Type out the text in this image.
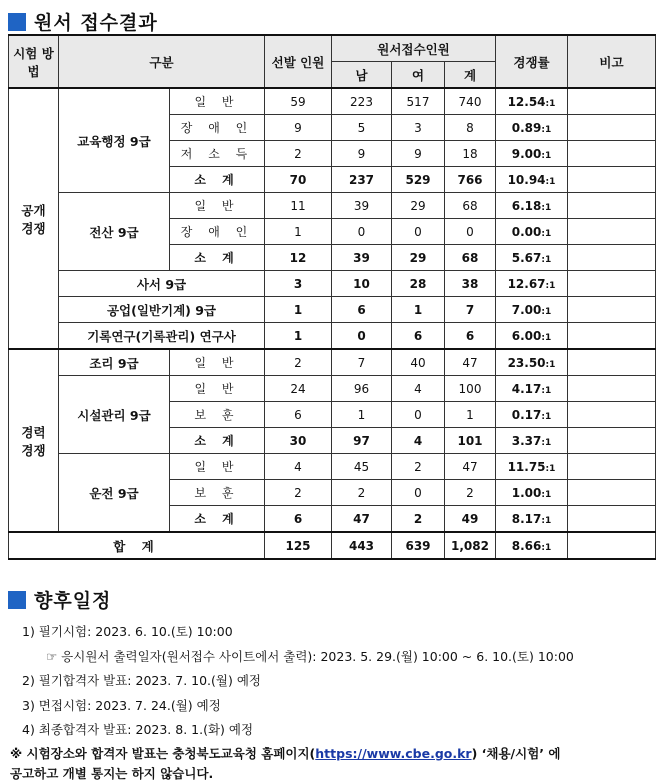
원서 접수결과
시험 방법	구분		선발 인원	원서접수인원			경쟁률	비고
				남	여	계		
공개 경쟁	교육행정 9급	일 반	59	223	517	740	12.54:1	
		장 애 인	9	5	3	8	0.89:1	
		저 소 득	2	9	9	18	9.00:1	
		소 계	70	237	529	766	10.94:1	
	전산 9급	일 반	11	39	29	68	6.18:1	
		장 애 인	1	0	0	0	0.00:1	
		소 계	12	39	29	68	5.67:1	
	사서 9급		3	10	28	38	12.67:1	
	공업(일반기계) 9급		1	6	1	7	7.00:1	
	기록연구(기록관리) 연구사		1	0	6	6	6.00:1	
경력 경쟁	조리 9급	일 반	2	7	40	47	23.50:1	
	시설관리 9급	일 반	24	96	4	100	4.17:1	
		보 훈	6	1	0	1	0.17:1	
		소 계	30	97	4	101	3.37:1	
	운전 9급	일 반	4	45	2	47	11.75:1	
		보 훈	2	2	0	2	1.00:1	
		소 계	6	47	2	49	8.17:1	
합 계			125	443	639	1,082	8.66:1	
향후일정
1) 필기시험: 2023. 6. 10.(토) 10:00
☞ 응시원서 출력일자(원서접수 사이트에서 출력): 2023. 5. 29.(월) 10:00 ~ 6. 10.(토) 10:00
2) 필기합격자 발표: 2023. 7. 10.(월) 예정
3) 면접시험: 2023. 7. 24.(월) 예정
4) 최종합격자 발표: 2023. 8. 1.(화) 예정
※ 시험장소와 합격자 발표는 충청북도교육청 홈페이지(https://www.cbe.go.kr) ‘채용/시험’ 에
공고하고 개별 통지는 하지 않습니다.
